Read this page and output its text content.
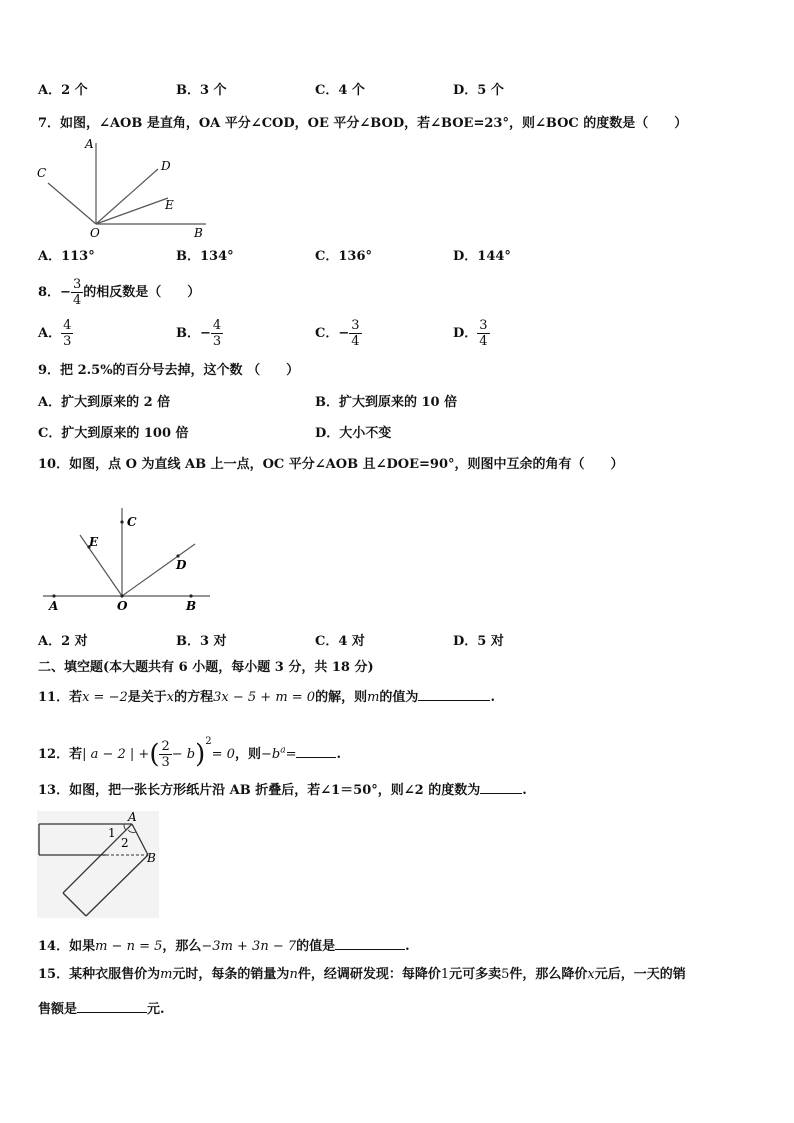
A．2 个	B．3 个	C．4 个	D．5 个
7．如图，∠AOB 是直角，OA 平分∠COD，OE 平分∠BOD，若∠BOE=23°，则∠BOC 的度数是（　　）
A
C	D
E
O	B
A．113°	B．134°	C．136°	D．144°
8．− $\frac{3}{4}$ 的相反数是（　　）
A． $\frac{4}{3}$	B．− $\frac{4}{3}$	C．− $\frac{3}{4}$	D． $\frac{3}{4}$
9．把 2.5%的百分号去掉，这个数 （　　）
A．扩大到原来的 2 倍	B．扩大到原来的 10 倍
C．扩大到原来的 100 倍	D．大小不变
10．如图，点 O 为直线 AB 上一点，OC 平分∠AOB 且∠DOE=90°，则图中互余的角有（　　）
C
E
D
A	O	B
A．2 对	B．3 对	C．4 对	D．5 对
二、填空题(本大题共有 6 小题，每小题 3 分，共 18 分)
11．若x = −2是关于x的方程3x − 5 + m = 0的解，则m的值为	.
12．若| a − 2 | +( $\frac{2}{3} - b)^2= 0$，则$-b^a=$	.
13．如图，把一张长方形纸片沿 AB 折叠后，若∠1＝50°，则∠2 的度数为	.
A
1
2
B
14．如果m − n = 5，那么−3m + 3n − 7的值是	.
15．某种衣服售价为m元时，每条的销量为n件，经调研发现：每降价1元可多卖5件，那么降价x元后，一天的销
售额是	元.
